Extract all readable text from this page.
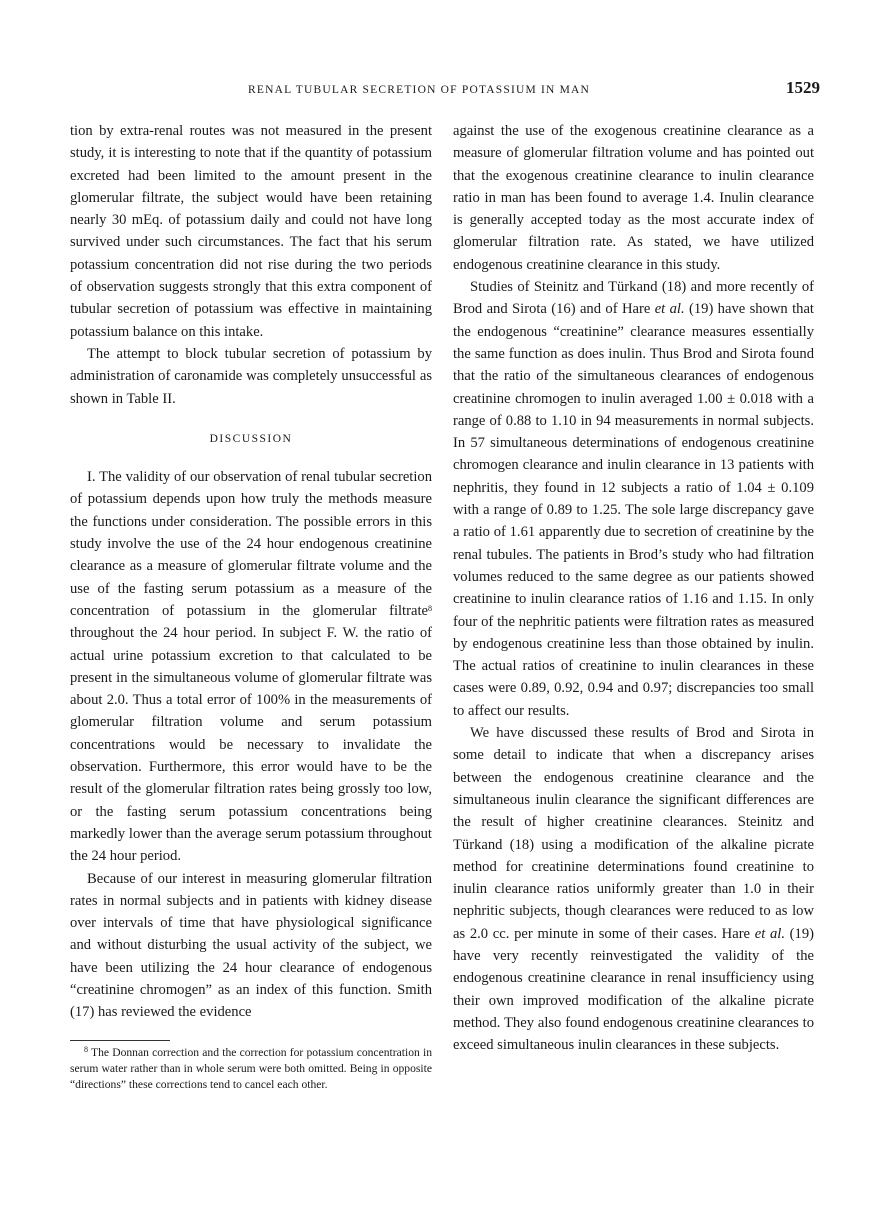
RENAL TUBULAR SECRETION OF POTASSIUM IN MAN	1529

tion by extra-renal routes was not measured in the present study, it is interesting to note that if the quantity of potassium excreted had been limited to the amount present in the glomerular filtrate, the subject would have been retaining nearly 30 mEq. of potassium daily and could not have long survived under such circumstances. The fact that his serum potassium concentration did not rise during the two periods of observation suggests strongly that this extra component of tubular secretion of potassium was effective in maintaining potassium balance on this intake.

The attempt to block tubular secretion of potassium by administration of caronamide was completely unsuccessful as shown in Table II.

DISCUSSION

I. The validity of our observation of renal tubular secretion of potassium depends upon how truly the methods measure the functions under consideration. The possible errors in this study involve the use of the 24 hour endogenous creatinine clearance as a measure of glomerular filtrate volume and the use of the fasting serum potassium as a measure of the concentration of potassium in the glomerular filtrate$^8$ throughout the 24 hour period. In subject F. W. the ratio of actual urine potassium excretion to that calculated to be present in the simultaneous volume of glomerular filtrate was about 2.0. Thus a total error of 100% in the measurements of glomerular filtration volume and serum potassium concentrations would be necessary to invalidate the observation. Furthermore, this error would have to be the result of the glomerular filtration rates being grossly too low, or the fasting serum potassium concentrations being markedly lower than the average serum potassium throughout the 24 hour period.

Because of our interest in measuring glomerular filtration rates in normal subjects and in patients with kidney disease over intervals of time that have physiological significance and without disturbing the usual activity of the subject, we have been utilizing the 24 hour clearance of endogenous “creatinine chromogen” as an index of this function. Smith (17) has reviewed the evidence

$^8$ The Donnan correction and the correction for potassium concentration in serum water rather than in whole serum were both omitted. Being in opposite “directions” these corrections tend to cancel each other.

against the use of the exogenous creatinine clearance as a measure of glomerular filtration volume and has pointed out that the exogenous creatinine clearance to inulin clearance ratio in man has been found to average 1.4. Inulin clearance is generally accepted today as the most accurate index of glomerular filtration rate. As stated, we have utilized endogenous creatinine clearance in this study.

Studies of Steinitz and Türkand (18) and more recently of Brod and Sirota (16) and of Hare et al. (19) have shown that the endogenous “creatinine” clearance measures essentially the same function as does inulin. Thus Brod and Sirota found that the ratio of the simultaneous clearances of endogenous creatinine chromogen to inulin averaged 1.00 ± 0.018 with a range of 0.88 to 1.10 in 94 measurements in normal subjects. In 57 simultaneous determinations of endogenous creatinine chromogen clearance and inulin clearance in 13 patients with nephritis, they found in 12 subjects a ratio of 1.04 ± 0.109 with a range of 0.89 to 1.25. The sole large discrepancy gave a ratio of 1.61 apparently due to secretion of creatinine by the renal tubules. The patients in Brod’s study who had filtration volumes reduced to the same degree as our patients showed creatinine to inulin clearance ratios of 1.16 and 1.15. In only four of the nephritic patients were filtration rates as measured by endogenous creatinine less than those obtained by inulin. The actual ratios of creatinine to inulin clearances in these cases were 0.89, 0.92, 0.94 and 0.97; discrepancies too small to affect our results.

We have discussed these results of Brod and Sirota in some detail to indicate that when a discrepancy arises between the endogenous creatinine clearance and the simultaneous inulin clearance the significant differences are the result of higher creatinine clearances. Steinitz and Türkand (18) using a modification of the alkaline picrate method for creatinine determinations found creatinine to inulin clearance ratios uniformly greater than 1.0 in their nephritic subjects, though clearances were reduced to as low as 2.0 cc. per minute in some of their cases. Hare et al. (19) have very recently reinvestigated the validity of the endogenous creatinine clearance in renal insufficiency using their own improved modification of the alkaline picrate method. They also found endogenous creatinine clearances to exceed simultaneous inulin clearances in these subjects.
